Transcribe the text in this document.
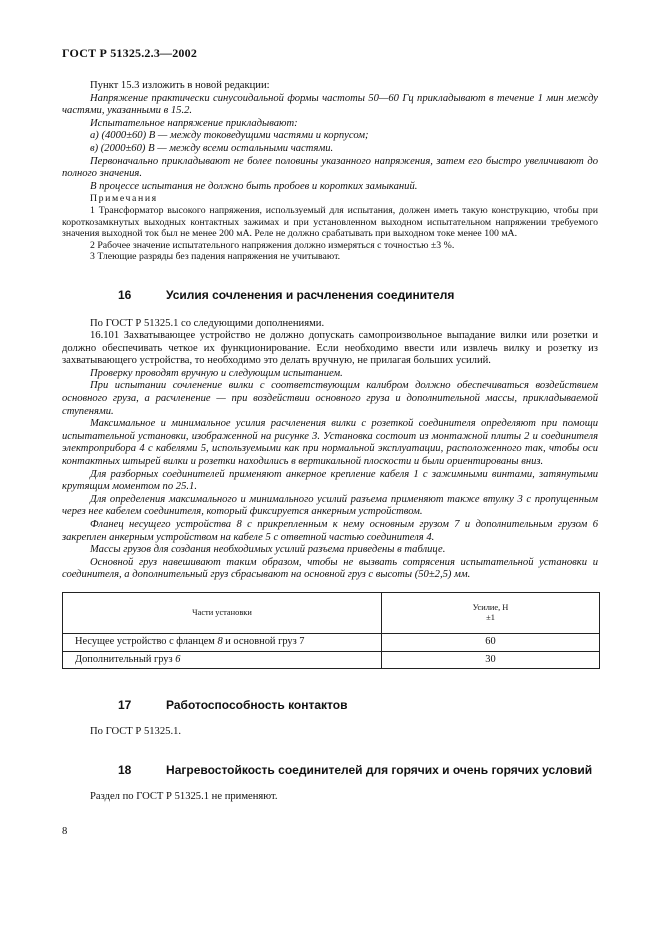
ГОСТ Р 51325.2.3—2002

Пункт 15.3 изложить в новой редакции:

Напряжение практически синусоидальной формы частоты 50—60 Гц прикладывают в течение 1 мин между частями, указанными в 15.2.

Испытательное напряжение прикладывают:

а) (4000±60) В — между токоведущими частями и корпусом;

в) (2000±60) В — между всеми остальными частями.

Первоначально прикладывают не более половины указанного напряжения, затем его быстро увеличивают до полного значения.

В процессе испытания не должно быть пробоев и коротких замыканий.

Примечания

1 Трансформатор высокого напряжения, используемый для испытания, должен иметь такую конструкцию, чтобы при короткозамкнутых выходных контактных зажимах и при установленном выходном испытательном напряжении требуемого значения выходной ток был не менее 200 мА. Реле не должно срабатывать при выходном токе менее 100 мА.

2 Рабочее значение испытательного напряжения должно измеряться с точностью ±3 %.

3 Тлеющие разряды без падения напряжения не учитывают.

16	Усилия сочленения и расчленения соединителя

По ГОСТ Р 51325.1 со следующими дополнениями.

16.101 Захватывающее устройство не должно допускать самопроизвольное выпадание вилки или розетки и должно обеспечивать четкое их функционирование. Если необходимо ввести или извлечь вилку и розетку из захватывающего устройства, то необходимо это делать вручную, не прилагая больших усилий.

Проверку проводят вручную и следующим испытанием.

При испытании сочленение вилки с соответствующим калибром должно обеспечиваться воздействием основного груза, а расчленение — при воздействии основного груза и дополнительной массы, прикладываемой ступенями.

Максимальное и минимальное усилия расчленения вилки с розеткой соединителя определяют при помощи испытательной установки, изображенной на рисунке 3. Установка состоит из монтажной плиты 2 и соединителя электроприбора 4 с кабелями 5, используемыми как при нормальной эксплуатации, расположенного так, чтобы оси контактных штырей вилки и розетки находились в вертикальной плоскости и были ориентированы вниз.

Для разборных соединителей применяют анкерное крепление кабеля 1 с зажимными винтами, затянутыми крутящим моментом по 25.1.

Для определения максимального и минимального усилий разъема применяют также втулку 3 с пропущенным через нее кабелем соединителя, который фиксируется анкерным устройством.

Фланец несущего устройства 8 с прикрепленным к нему основным грузом 7 и дополнительным грузом 6 закреплен анкерным устройством на кабеле 5 с ответной частью соединителя 4.

Массы грузов для создания необходимых усилий разъема приведены в таблице.

Основной груз навешивают таким образом, чтобы не вызвать сотрясения испытательной установки и соединителя, а дополнительный груз сбрасывают на основной груз с высоты (50±2,5) мм.

Части установки	Усилие, Н
±1

Несущее устройство с фланцем 8 и основной груз 7	60
Дополнительный груз 6	30
17	Работоспособность контактов

По ГОСТ Р 51325.1.

18	Нагревостойкость соединителей для горячих и очень горячих условий

Раздел по ГОСТ Р 51325.1 не применяют.

8
